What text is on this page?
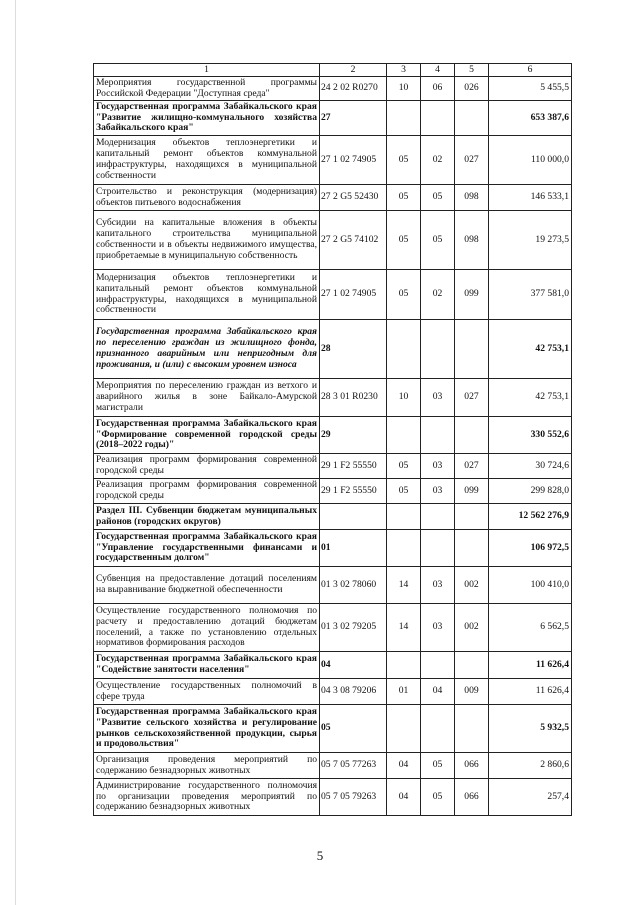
1	2	3	4	5	6
Мероприятия государственной программы Российской Федерации "Доступная среда"	24 2 02 R0270	10	06	026	5 455,5
Государственная программа Забайкальского края "Развитие жилищно-коммунального хозяйства Забайкальского края"	27				653 387,6
Модернизация объектов теплоэнергетики и капитальный ремонт объектов коммунальной инфраструктуры, находящихся в муниципальной собственности	27 1 02 74905	05	02	027	110 000,0
Строительство и реконструкция (модернизация) объектов питьевого водоснабжения	27 2 G5 52430	05	05	098	146 533,1
Субсидии на капитальные вложения в объекты капитального строительства муниципальной собственности и в объекты недвижимого имущества, приобретаемые в муниципальную собственность	27 2 G5 74102	05	05	098	19 273,5
Модернизация объектов теплоэнергетики и капитальный ремонт объектов коммунальной инфраструктуры, находящихся в муниципальной собственности	27 1 02 74905	05	02	099	377 581,0
Государственная программа Забайкальского края по переселению граждан из жилищного фонда, признанного аварийным или непригодным для проживания, и (или) с высоким уровнем износа	28				42 753,1
Мероприятия по переселению граждан из ветхого и аварийного жилья в зоне Байкало-Амурской магистрали	28 3 01 R0230	10	03	027	42 753,1
Государственная программа Забайкальского края "Формирование современной городской среды (2018–2022 годы)"	29				330 552,6
Реализация программ формирования современной городской среды	29 1 F2 55550	05	03	027	30 724,6
Реализация программ формирования современной городской среды	29 1 F2 55550	05	03	099	299 828,0
Раздел III. Субвенции бюджетам муниципальных районов (городских округов)					12 562 276,9
Государственная программа Забайкальского края "Управление государственными финансами и государственным долгом"	01				106 972,5
Субвенция на предоставление дотаций поселениям на выравнивание бюджетной обеспеченности	01 3 02 78060	14	03	002	100 410,0
Осуществление государственного полномочия по расчету и предоставлению дотаций бюджетам поселений, а также по установлению отдельных нормативов формирования расходов	01 3 02 79205	14	03	002	6 562,5
Государственная программа Забайкальского края "Содействие занятости населения"	04				11 626,4
Осуществление государственных полномочий в сфере труда	04 3 08 79206	01	04	009	11 626,4
Государственная программа Забайкальского края "Развитие сельского хозяйства и регулирование рынков сельскохозяйственной продукции, сырья и продовольствия"	05				5 932,5
Организация проведения мероприятий по содержанию безнадзорных животных	05 7 05 77263	04	05	066	2 860,6
Администрирование государственного полномочия по организации проведения мероприятий по содержанию безнадзорных животных	05 7 05 79263	04	05	066	257,4
5
